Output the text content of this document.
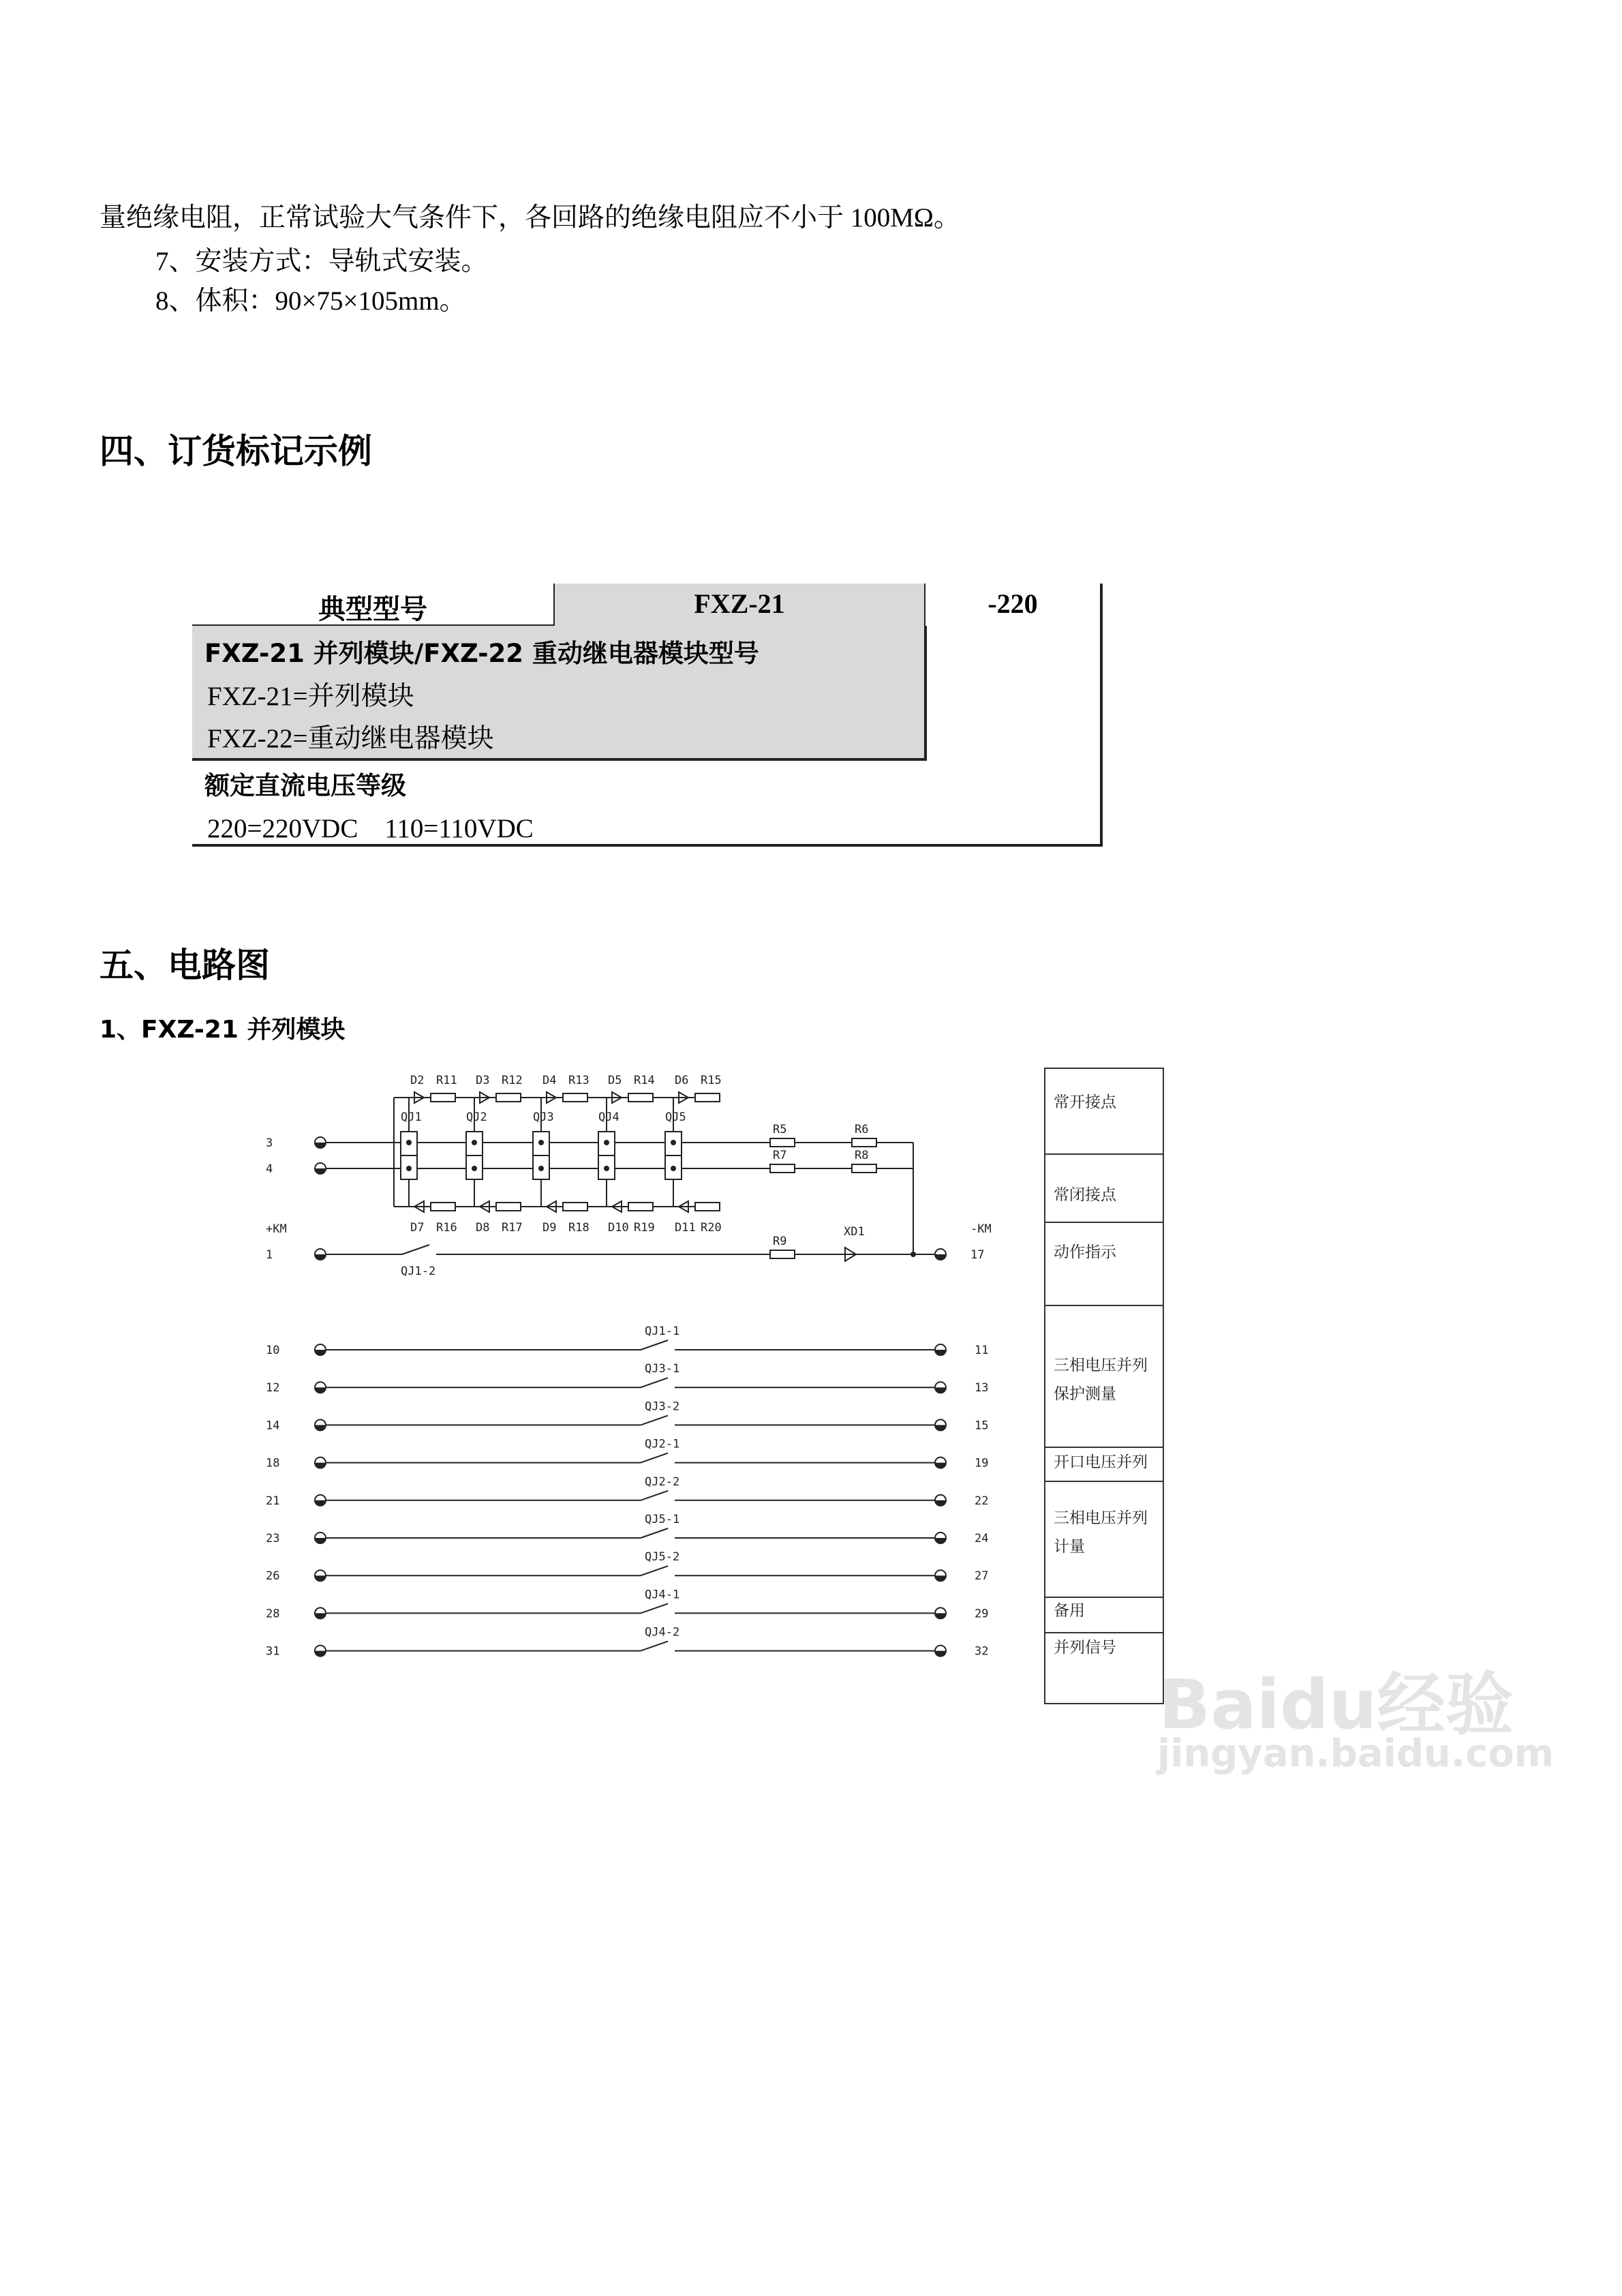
量绝缘电阻，正常试验大气条件下，各回路的绝缘电阻应不小于 100MΩ。
7、安装方式：导轨式安装。
8、体积：90×75×105mm。
四、订货标记示例
典型型号	FXZ-21	-220
FXZ-21 并列模块/FXZ-22 重动继电器模块型号
FXZ-21=并列模块
FXZ-22=重动继电器模块
额定直流电压等级
220=220VDC　110=110VDC
五、电路图
1、FXZ-21 并列模块
QJ1	QJ2	QJ3	QJ4	QJ5
D2 R11 D3 R12 D4 R13 D5 R14 D6 R15
D7 R16 D8 R17 D9 R18 D10 R19 D11 R20
3
4
R5	R6
R7	R8
+KM
1
-KM
17
QJ1-2
R9
XD1
10	11
QJ1-1
12	13
QJ3-1
14	15
QJ3-2
18	19
QJ2-1
21	22
QJ2-2
23	24
QJ5-1
26	27
QJ5-2
28	29
QJ4-1
31	32
QJ4-2
常开接点
常闭接点
动作指示
三相电压并列
保护测量
开口电压并列
三相电压并列
计量
备用
并列信号
Baidu经验
jingyan.baidu.com
